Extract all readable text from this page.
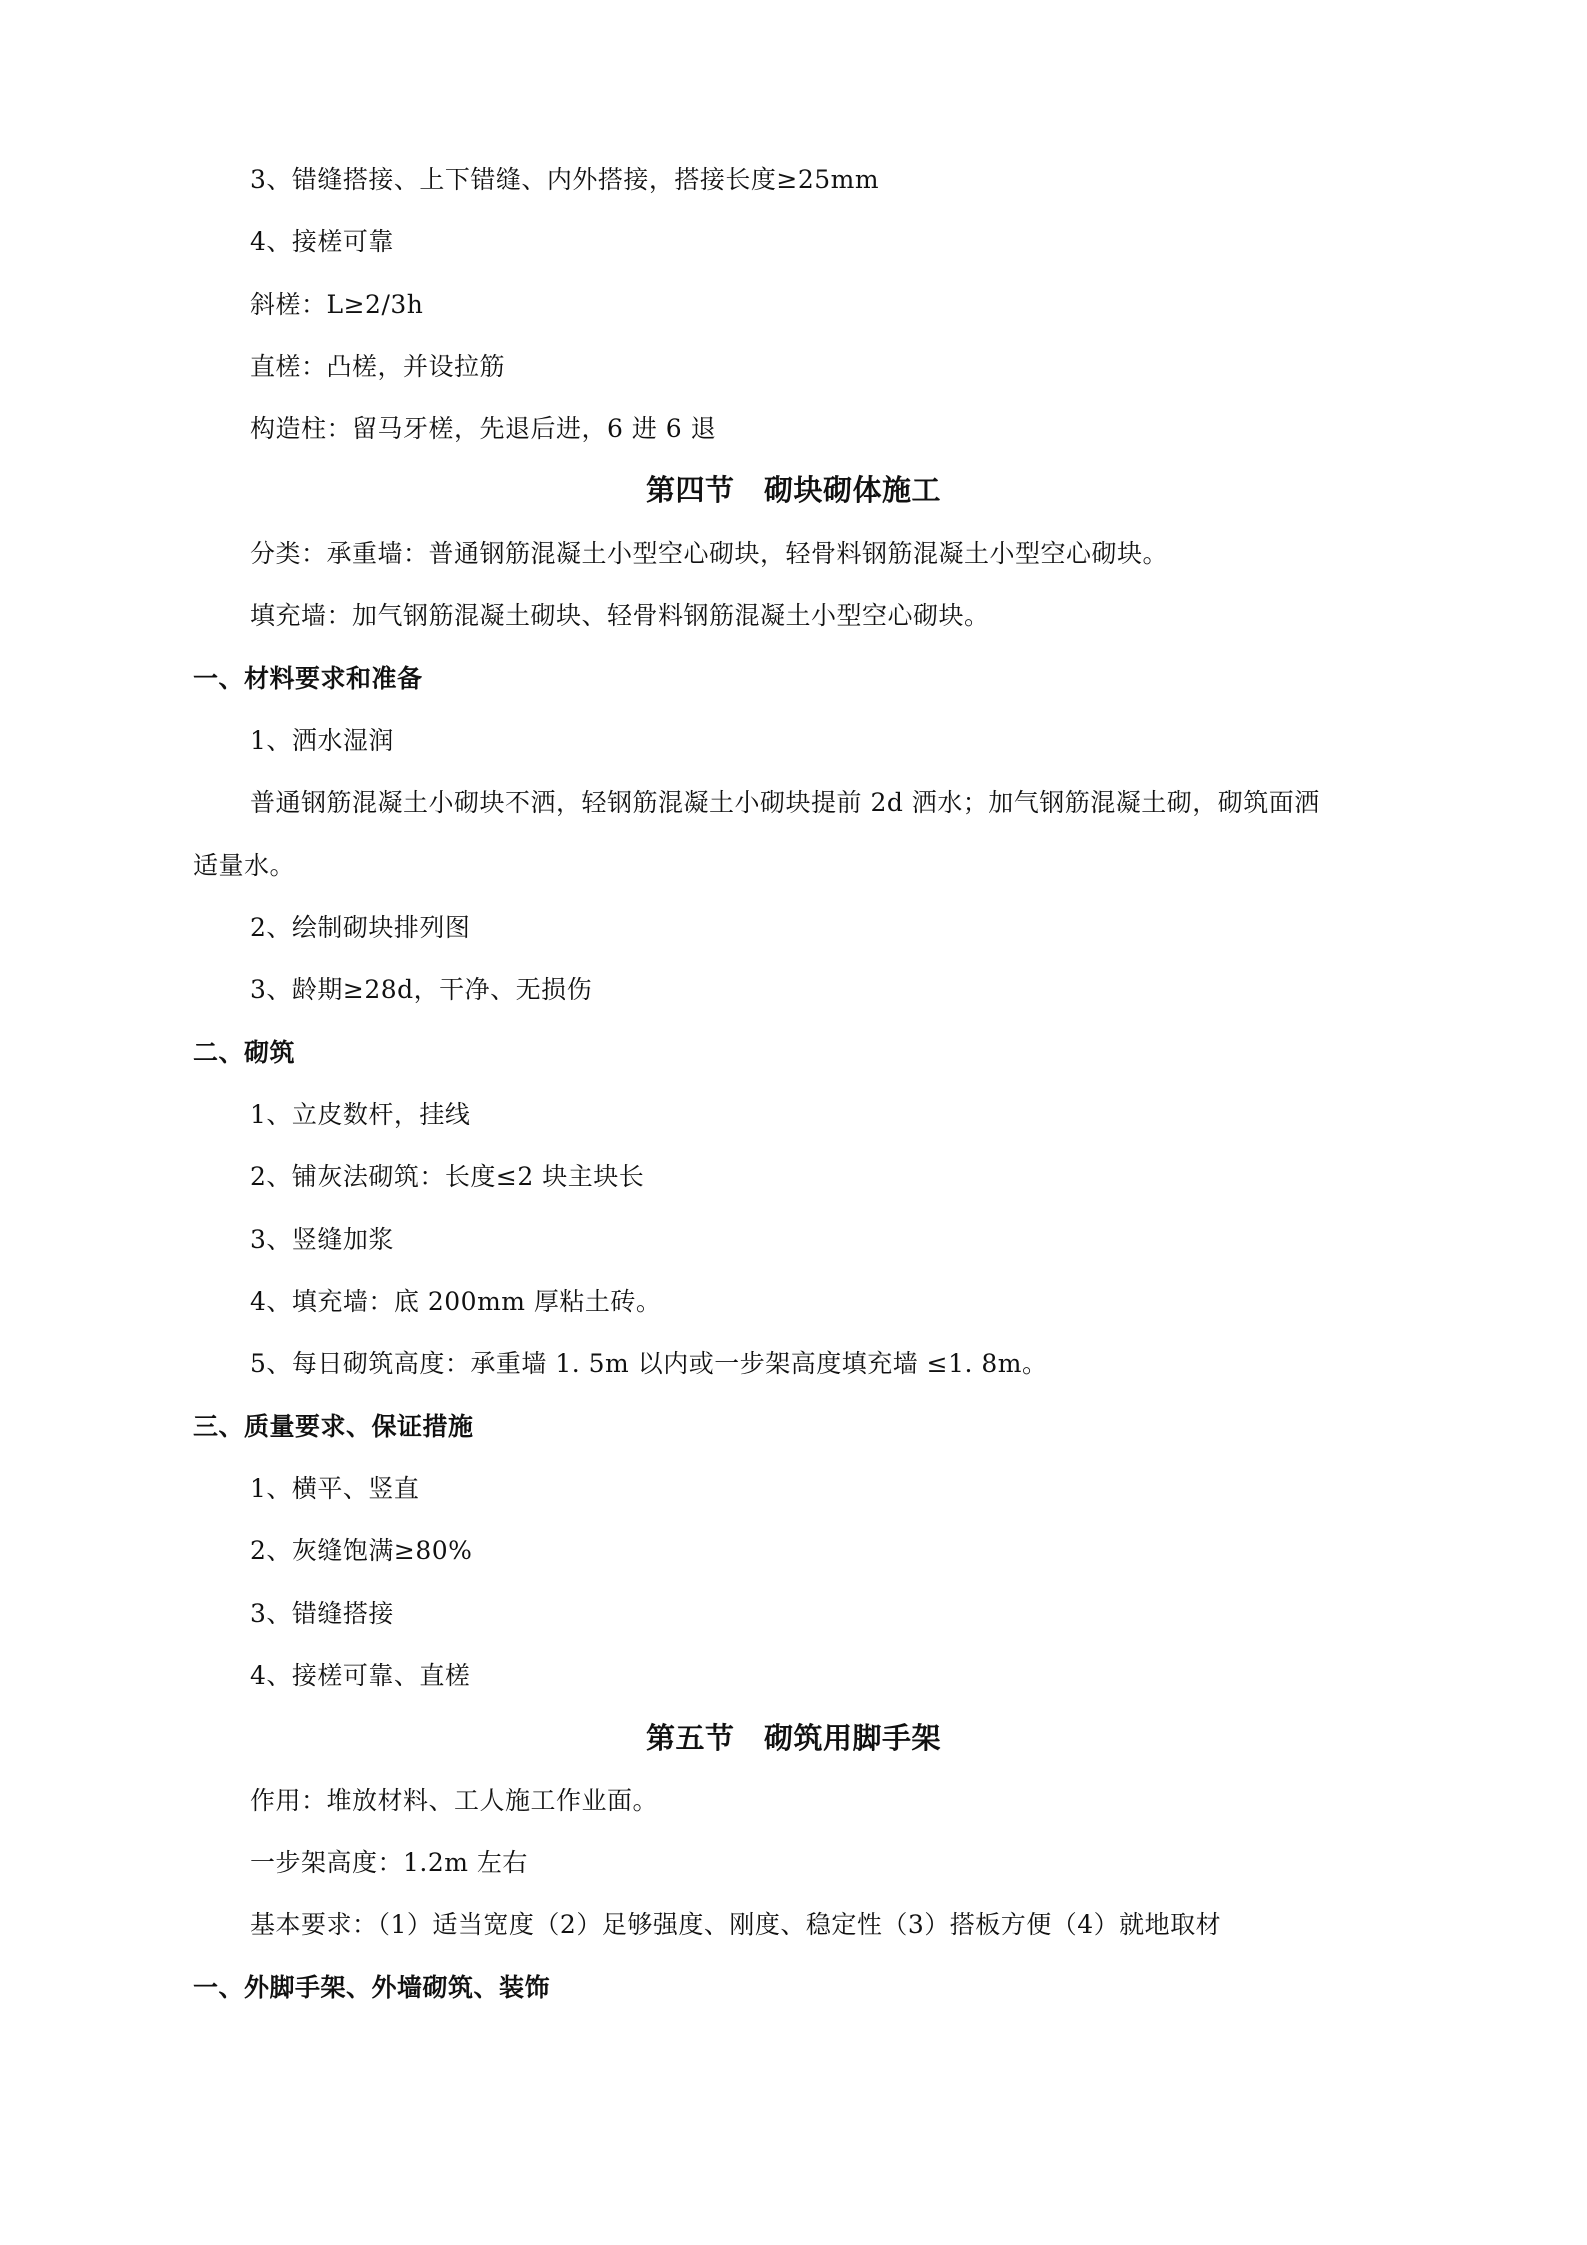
3、错缝搭接、上下错缝、内外搭接，搭接长度≥25mm
4、接槎可靠
斜槎：L≥2/3h
直槎：凸槎，并设拉筋
构造柱：留马牙槎，先退后进，6 进 6 退
第四节　砌块砌体施工
分类：承重墙：普通钢筋混凝土小型空心砌块，轻骨料钢筋混凝土小型空心砌块。
填充墙：加气钢筋混凝土砌块、轻骨料钢筋混凝土小型空心砌块。
一、材料要求和准备
1、洒水湿润
普通钢筋混凝土小砌块不洒，轻钢筋混凝土小砌块提前 2d 洒水；加气钢筋混凝土砌，砌筑面洒
适量水。
2、绘制砌块排列图
3、龄期≥28d，干净、无损伤
二、砌筑
1、立皮数杆，挂线
2、铺灰法砌筑：长度≤2 块主块长
3、竖缝加浆
4、填充墙：底 200mm 厚粘土砖。
5、每日砌筑高度：承重墙 1. 5m 以内或一步架高度填充墙 ≤1. 8m。
三、质量要求、保证措施
1、横平、竖直
2、灰缝饱满≥80%
3、错缝搭接
4、接槎可靠、直槎
第五节　砌筑用脚手架
作用：堆放材料、工人施工作业面。
一步架高度：1.2m 左右
基本要求：（1）适当宽度（2）足够强度、刚度、稳定性（3）搭板方便（4）就地取材
一、外脚手架、外墙砌筑、装饰
